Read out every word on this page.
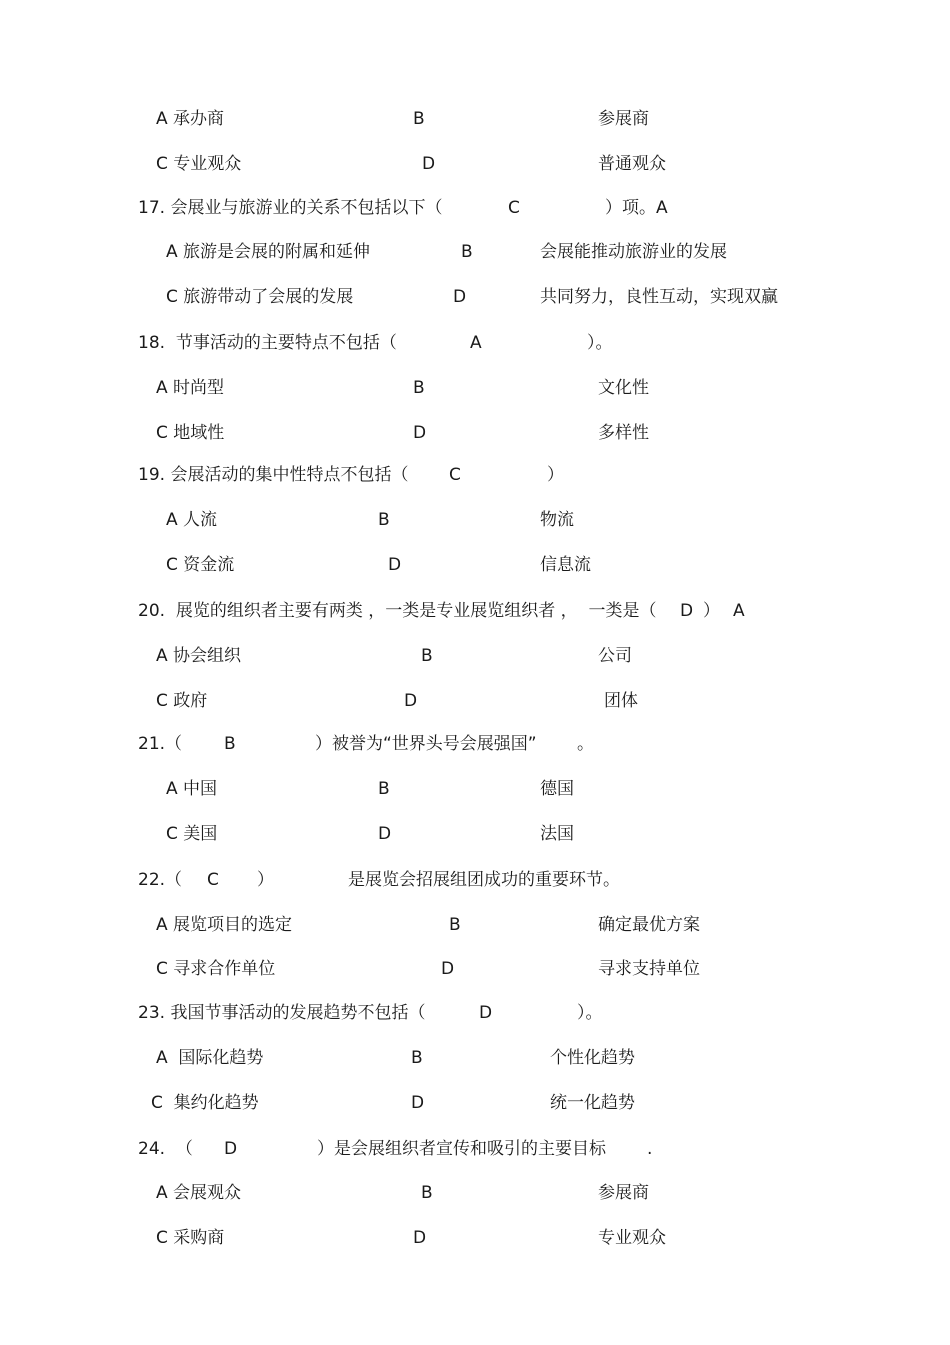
A 承办商	B	参展商
C 专业观众	D	普通观众
17. 会展业与旅游业的关系不包括以下（	C	）项。A
A 旅游是会展的附属和延伸	B	会展能推动旅游业的发展
C 旅游带动了会展的发展	D	共同努力，良性互动，实现双赢
18.  节事活动的主要特点不包括（	A	）。
A 时尚型	B	文化性
C 地域性	D	多样性
19. 会展活动的集中性特点不包括（ C	）
A 人流	B	物流
C 资金流	D	信息流
20.  展览的组织者主要有两类 ，一类是专业展览组织者 ，  一类是（ D ） A
A 协会组织	B	公司
C 政府	D	团体
21.（ B	）被誉为“世界头号会展强国” 。
A 中国	B	德国
C 美国	D	法国
22.（ C ）	是展览会招展组团成功的重要环节。
A 展览项目的选定	B	确定最优方案
C 寻求合作单位	D	寻求支持单位
23. 我国节事活动的发展趋势不包括（	D	）。
A  国际化趋势	B	个性化趋势
C  集约化趋势	D	统一化趋势
24.  （ D	）是会展组织者宣传和吸引的主要目标 .
A 会展观众	B	参展商
C 采购商	D	专业观众
